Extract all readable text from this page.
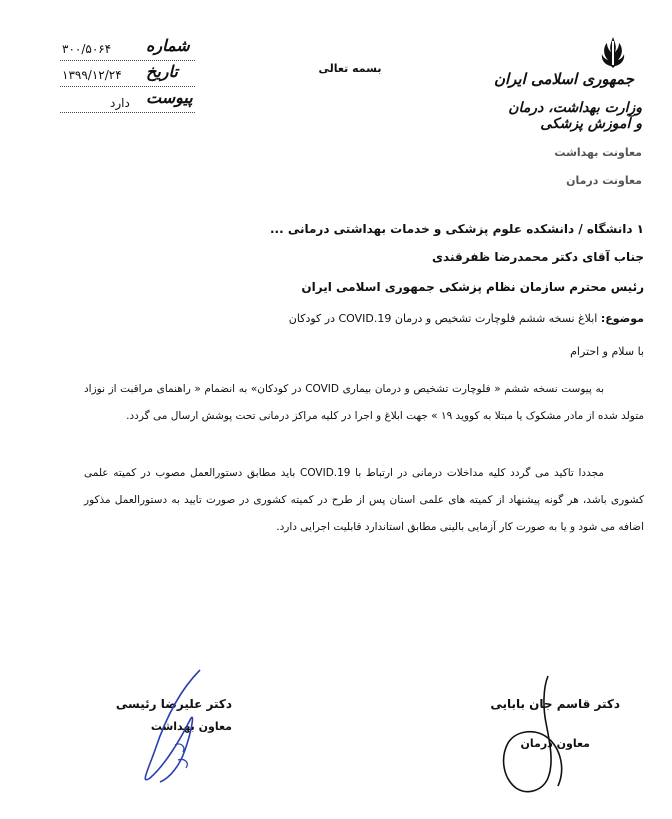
۳۰۰/۵۰۶۴ شماره
۱۳۹۹/۱۲/۲۴ تاریخ
دارد پیوست
بسمه تعالی
جمهوری اسلامی ایران
وزارت بهداشت، درمان و آموزش پزشکی
معاونت بهداشت
معاونت درمان
۱ دانشگاه / دانشکده علوم پزشکی و خدمات بهداشتی درمانی ...
جناب آقای دکتر محمدرضا ظفرقندی
رئیس محترم سازمان نظام پزشکی جمهوری اسلامی ایران
موضوع: ابلاغ نسخه ششم فلوچارت تشخیص و درمان COVID.19 در کودکان
با سلام و احترام
به پیوست نسخه ششم « فلوچارت تشخیص و درمان بیماری COVID در کودکان» به انضمام « راهنمای مراقبت از نوزاد متولد شده از مادر مشکوک یا مبتلا به کووید ۱۹ » جهت ابلاغ و اجرا در کلیه مراکز درمانی تحت پوشش ارسال می گردد.
مجددا تاکید می گردد کلیه مداخلات درمانی در ارتباط با COVID.19 باید مطابق دستورالعمل مصوب در کمیته علمی کشوری باشد، هر گونه پیشنهاد از کمیته های علمی استان پس از طرح در کمیته کشوری در صورت تایید به دستورالعمل مذکور اضافه می شود و یا به صورت کار آزمایی بالینی مطابق استاندارد قابلیت اجرایی دارد.
دکتر علیرضا رئیسی
معاون بهداشت
دکتر قاسم جان بابایی
معاون درمان
